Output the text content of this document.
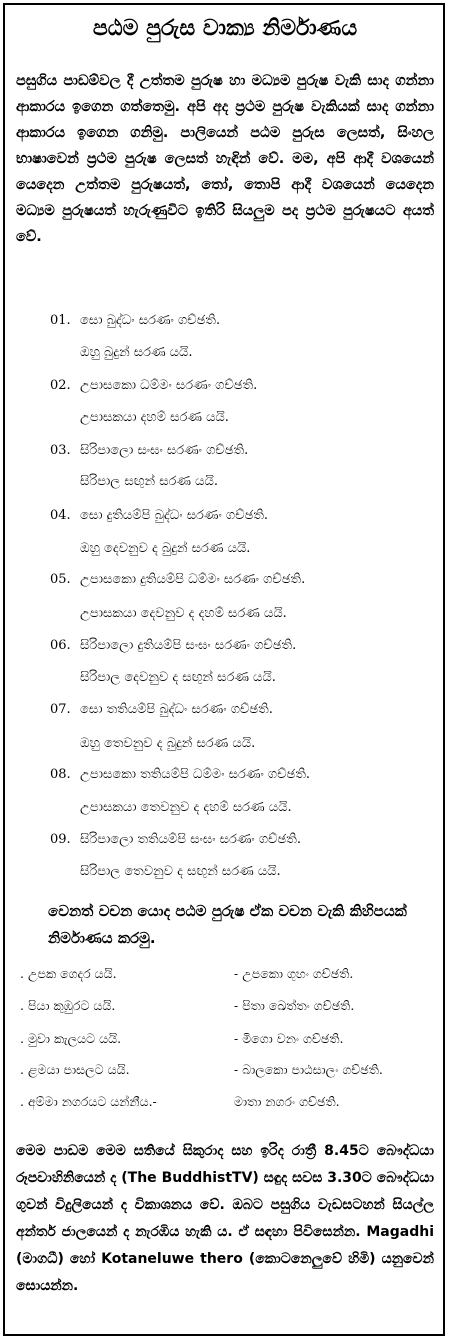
පඨම පුරුස වාක්‍ය නිර්මාණය

පසුගිය පාඩම්වල දී උත්තම පුරුෂ හා මධ්‍යම පුරුෂ වැකි සාද ගන්නා ආකාරය ඉගෙන ගත්තෙමු. අපි අද ප්‍රථම පුරුෂ වැකියක් සාද ගන්නා ආකාරය ඉගෙන ගනිමු. පාලියෙන් පඨම පුරුස ලෙසත්, සිංහල භාෂාවෙන් ප්‍රථම පුරුෂ ලෙසත් හැඳින් වේ. මම, අපි ආදී වශයෙන් යෙදෙන උත්තම පුරුෂයත්, තෝ, තොපි ආදී වශයෙන් යෙදෙන මධ්‍යම පුරුෂයත් හැරුණුවිට ඉතිරි සියලුම පද ප්‍රථම පුරුෂයට අයත් වේ.

01. සො බුද්ධං සරණං ගච්ඡති.
ඔහු බුදුන් සරණ යයි.
02. උපාසකො ධම්මං සරණං ගච්ඡති.
උපාසකයා දහම් සරණ යයි.
03. සිරිපාලො සංඝං සරණං ගච්ඡති.
සිරිපාල සඟුන් සරණ යයි.
04. සො දුතියම්පි බුද්ධං සරණං ගච්ඡති.
ඔහු දෙවනුව ද බුදුන් සරණ යයි.
05. උපාසකො දුතියම්පි ධම්මං සරණං ගච්ඡති.
උපාසකයා දෙවනුව ද දහම් සරණ යයි.
06. සිරිපාලො දුතියම්පි සංඝං සරණං ගච්ඡති.
සිරිපාල දෙවනුව ද සඟුන් සරණ යයි.
07. සො තතියම්පි බුද්ධං සරණං ගච්ඡති.
ඔහු තෙවනුව ද බුදුන් සරණ යයි.
08. උපාසකො තතියම්පි ධම්මං සරණං ගච්ඡති.
උපාසකයා තෙවනුව ද දහම් සරණ යයි.
09. සිරිපාලො තතියම්පි සංඝං සරණං ගච්ඡති.
සිරිපාල තෙවනුව ද සඟුන් සරණ යයි.

වෙනත් වචන යොද පඨම පුරුෂ ඒක වචන වැකි කිහිපයක් නිර්මාණය කරමු.

. උපක ගෙදර යයි.	- උපකො ගුහං ගච්ඡති.
. පියා කුඹුරට යයි.	- පිතා ඛෙත්තං ගච්ඡති.
. මුවා කැලයට යයි.	- මිගො වනං ගච්ඡති.
. ළමයා පාසලට යයි.	- බාලකො පාඨසාලං ගච්ඡති.
. අම්මා නගරයට යන්නීය.-	මාතා නගරං ගච්ඡති.

මෙම පාඩම මෙම සතියේ සිකුරාද සහ ඉරිද රාත්‍රී 8.45ට බෞද්ධයා රූපවාහිනියෙන් ද (The BuddhistTV) සඳුද සවස 3.30ට බෞද්ධයා ගුවන් විදුලියෙන් ද විකාශනය වේ. ඔබට පසුගිය වැඩසටහන් සියල්ල අන්තර් ජාලයෙන් ද නැරඹිය හැකි ය. ඒ සඳහා පිවිසෙන්න. Magadhi (මාගධී) හෝ Kotaneluwe thero (කොටනෙලුවේ හිමි) යනුවෙන් සොයන්න.
